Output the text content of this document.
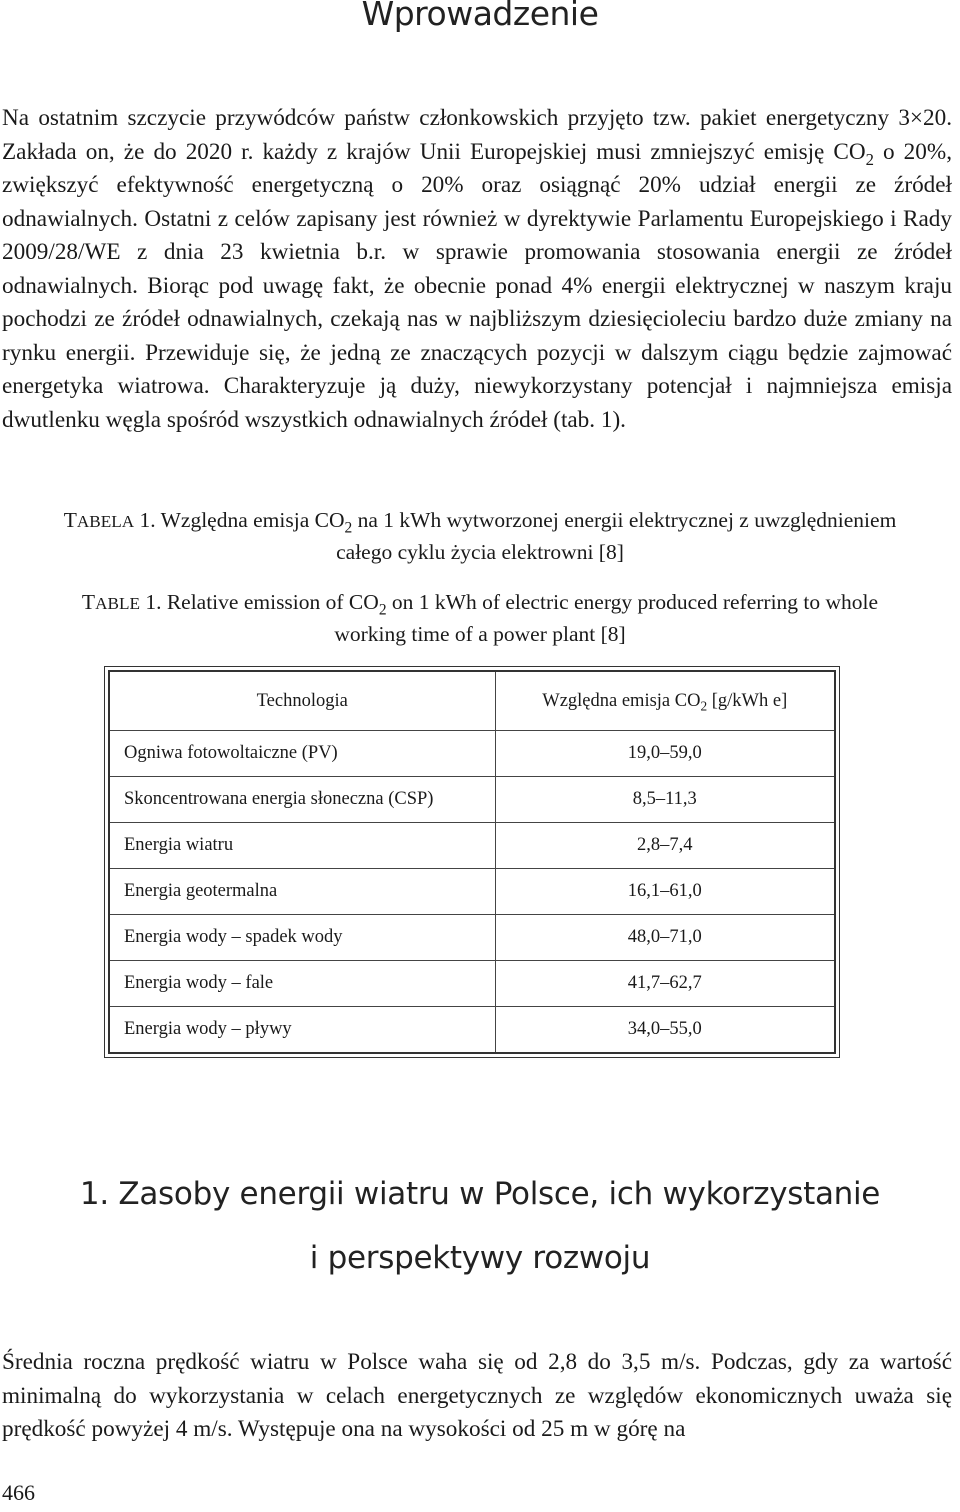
Wprowadzenie

Na ostatnim szczycie przywódców państw członkowskich przyjęto tzw. pakiet energetyczny 3×20. Zakłada on, że do 2020 r. każdy z krajów Unii Europejskiej musi zmniejszyć emisję $CO_2$ o 20%, zwiększyć efektywność energetyczną o 20% oraz osiągnąć 20% udział energii ze źródeł odnawialnych. Ostatni z celów zapisany jest również w dyrektywie Parlamentu Europejskiego i Rady 2009/28/WE z dnia 23 kwietnia b.r. w sprawie promowania stosowania energii ze źródeł odnawialnych. Biorąc pod uwagę fakt, że obecnie ponad 4% energii elektrycznej w naszym kraju pochodzi ze źródeł odnawialnych, czekają nas w najbliższym dziesięcioleciu bardzo duże zmiany na rynku energii. Przewiduje się, że jedną ze znaczących pozycji w dalszym ciągu będzie zajmować energetyka wiatrowa. Charakteryzuje ją duży, niewykorzystany potencjał i najmniejsza emisja dwutlenku węgla spośród wszystkich odnawialnych źródeł (tab. 1).

TABELA 1. Względna emisja $CO_2$ na 1 kWh wytworzonej energii elektrycznej z uwzględnieniem
całego cyklu życia elektrowni [8]

TABLE 1. Relative emission of $CO_2$ on 1 kWh of electric energy produced referring to whole
working time of a power plant [8]

Technologia	Względna emisja $CO_2$ [g/kWh e]
Ogniwa fotowoltaiczne (PV)	19,0–59,0
Skoncentrowana energia słoneczna (CSP)	8,5–11,3
Energia wiatru	2,8–7,4
Energia geotermalna	16,1–61,0
Energia wody – spadek wody	48,0–71,0
Energia wody – fale	41,7–62,7
Energia wody – pływy	34,0–55,0
1. Zasoby energii wiatru w Polsce, ich wykorzystanie
i perspektywy rozwoju

Średnia roczna prędkość wiatru w Polsce waha się od 2,8 do 3,5 m/s. Podczas, gdy za wartość minimalną do wykorzystania w celach energetycznych ze względów ekonomicznych uważa się prędkość powyżej 4 m/s. Występuje ona na wysokości od 25 m w górę na

466
